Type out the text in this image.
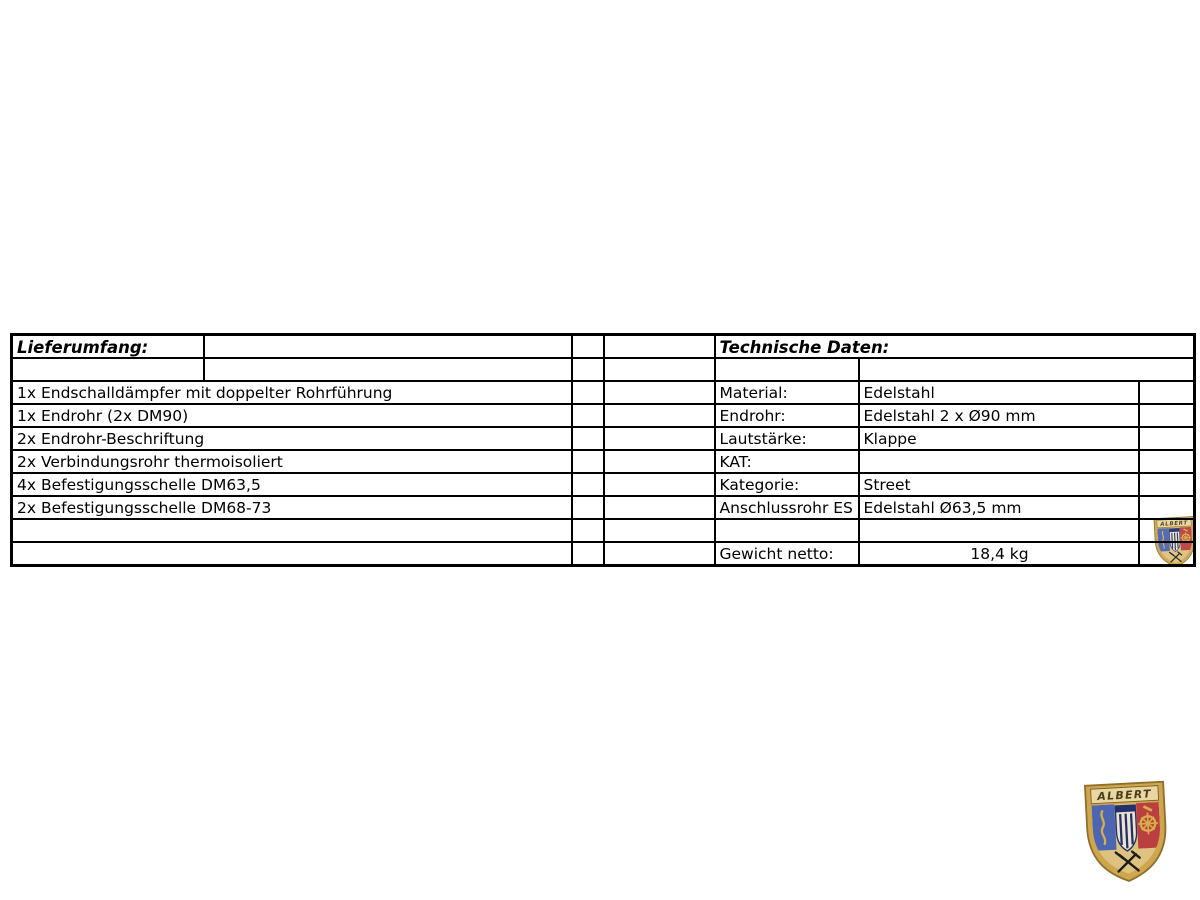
Lieferumfang:				Technische Daten:		

1x Endschalldämpfer mit doppelter Rohrführung				Material:	Edelstahl	
1x Endrohr (2x DM90)				Endrohr:	Edelstahl 2 x Ø90 mm	
2x Endrohr-Beschriftung				Lautstärke:	Klappe	
2x Verbindungsrohr thermoisoliert				KAT:		
4x Befestigungsschelle DM63,5				Kategorie:	Street	
2x Befestigungsschelle DM68-73				Anschlussrohr ES	Edelstahl Ø63,5 mm	

				Gewicht netto:	18,4 kg	
